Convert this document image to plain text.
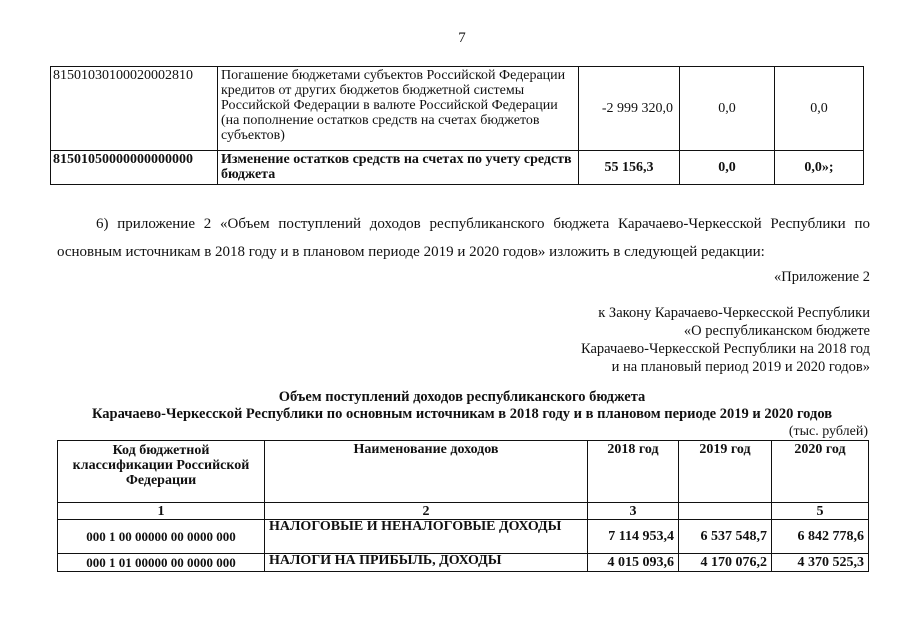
7
81501030100020002810	Погашение бюджетами субъектов Российской Федерации кредитов от других бюджетов бюджетной системы Российской Федерации в валюте Российской Федерации (на пополнение остатков средств на счетах бюджетов субъектов)	-2 999 320,0	0,0	0,0
81501050000000000000	Изменение остатков средств на счетах по учету средств бюджета	55 156,3	0,0	0,0»;
6) приложение 2 «Объем поступлений доходов республиканского бюджета Карачаево-Черкесской Республики по
основным источникам в 2018 году и в плановом периоде 2019 и 2020 годов» изложить в следующей редакции:
«Приложение 2
к Закону Карачаево-Черкесской Республики
«О республиканском бюджете
Карачаево-Черкесской Республики на 2018 год
и на плановый период 2019 и 2020 годов»
Объем поступлений доходов республиканского бюджета
Карачаево-Черкесской Республики по основным источникам в 2018 году и в плановом периоде 2019 и 2020 годов
(тыс. рублей)
Код бюджетной классификации Российской Федерации	Наименование доходов	2018 год	2019 год	2020 год
1	2	3		5
000 1 00 00000 00 0000 000	НАЛОГОВЫЕ И НЕНАЛОГОВЫЕ ДОХОДЫ	7 114 953,4	6 537 548,7	6 842 778,6
000 1 01 00000 00 0000 000	НАЛОГИ НА ПРИБЫЛЬ, ДОХОДЫ	4 015 093,6	4 170 076,2	4 370 525,3
